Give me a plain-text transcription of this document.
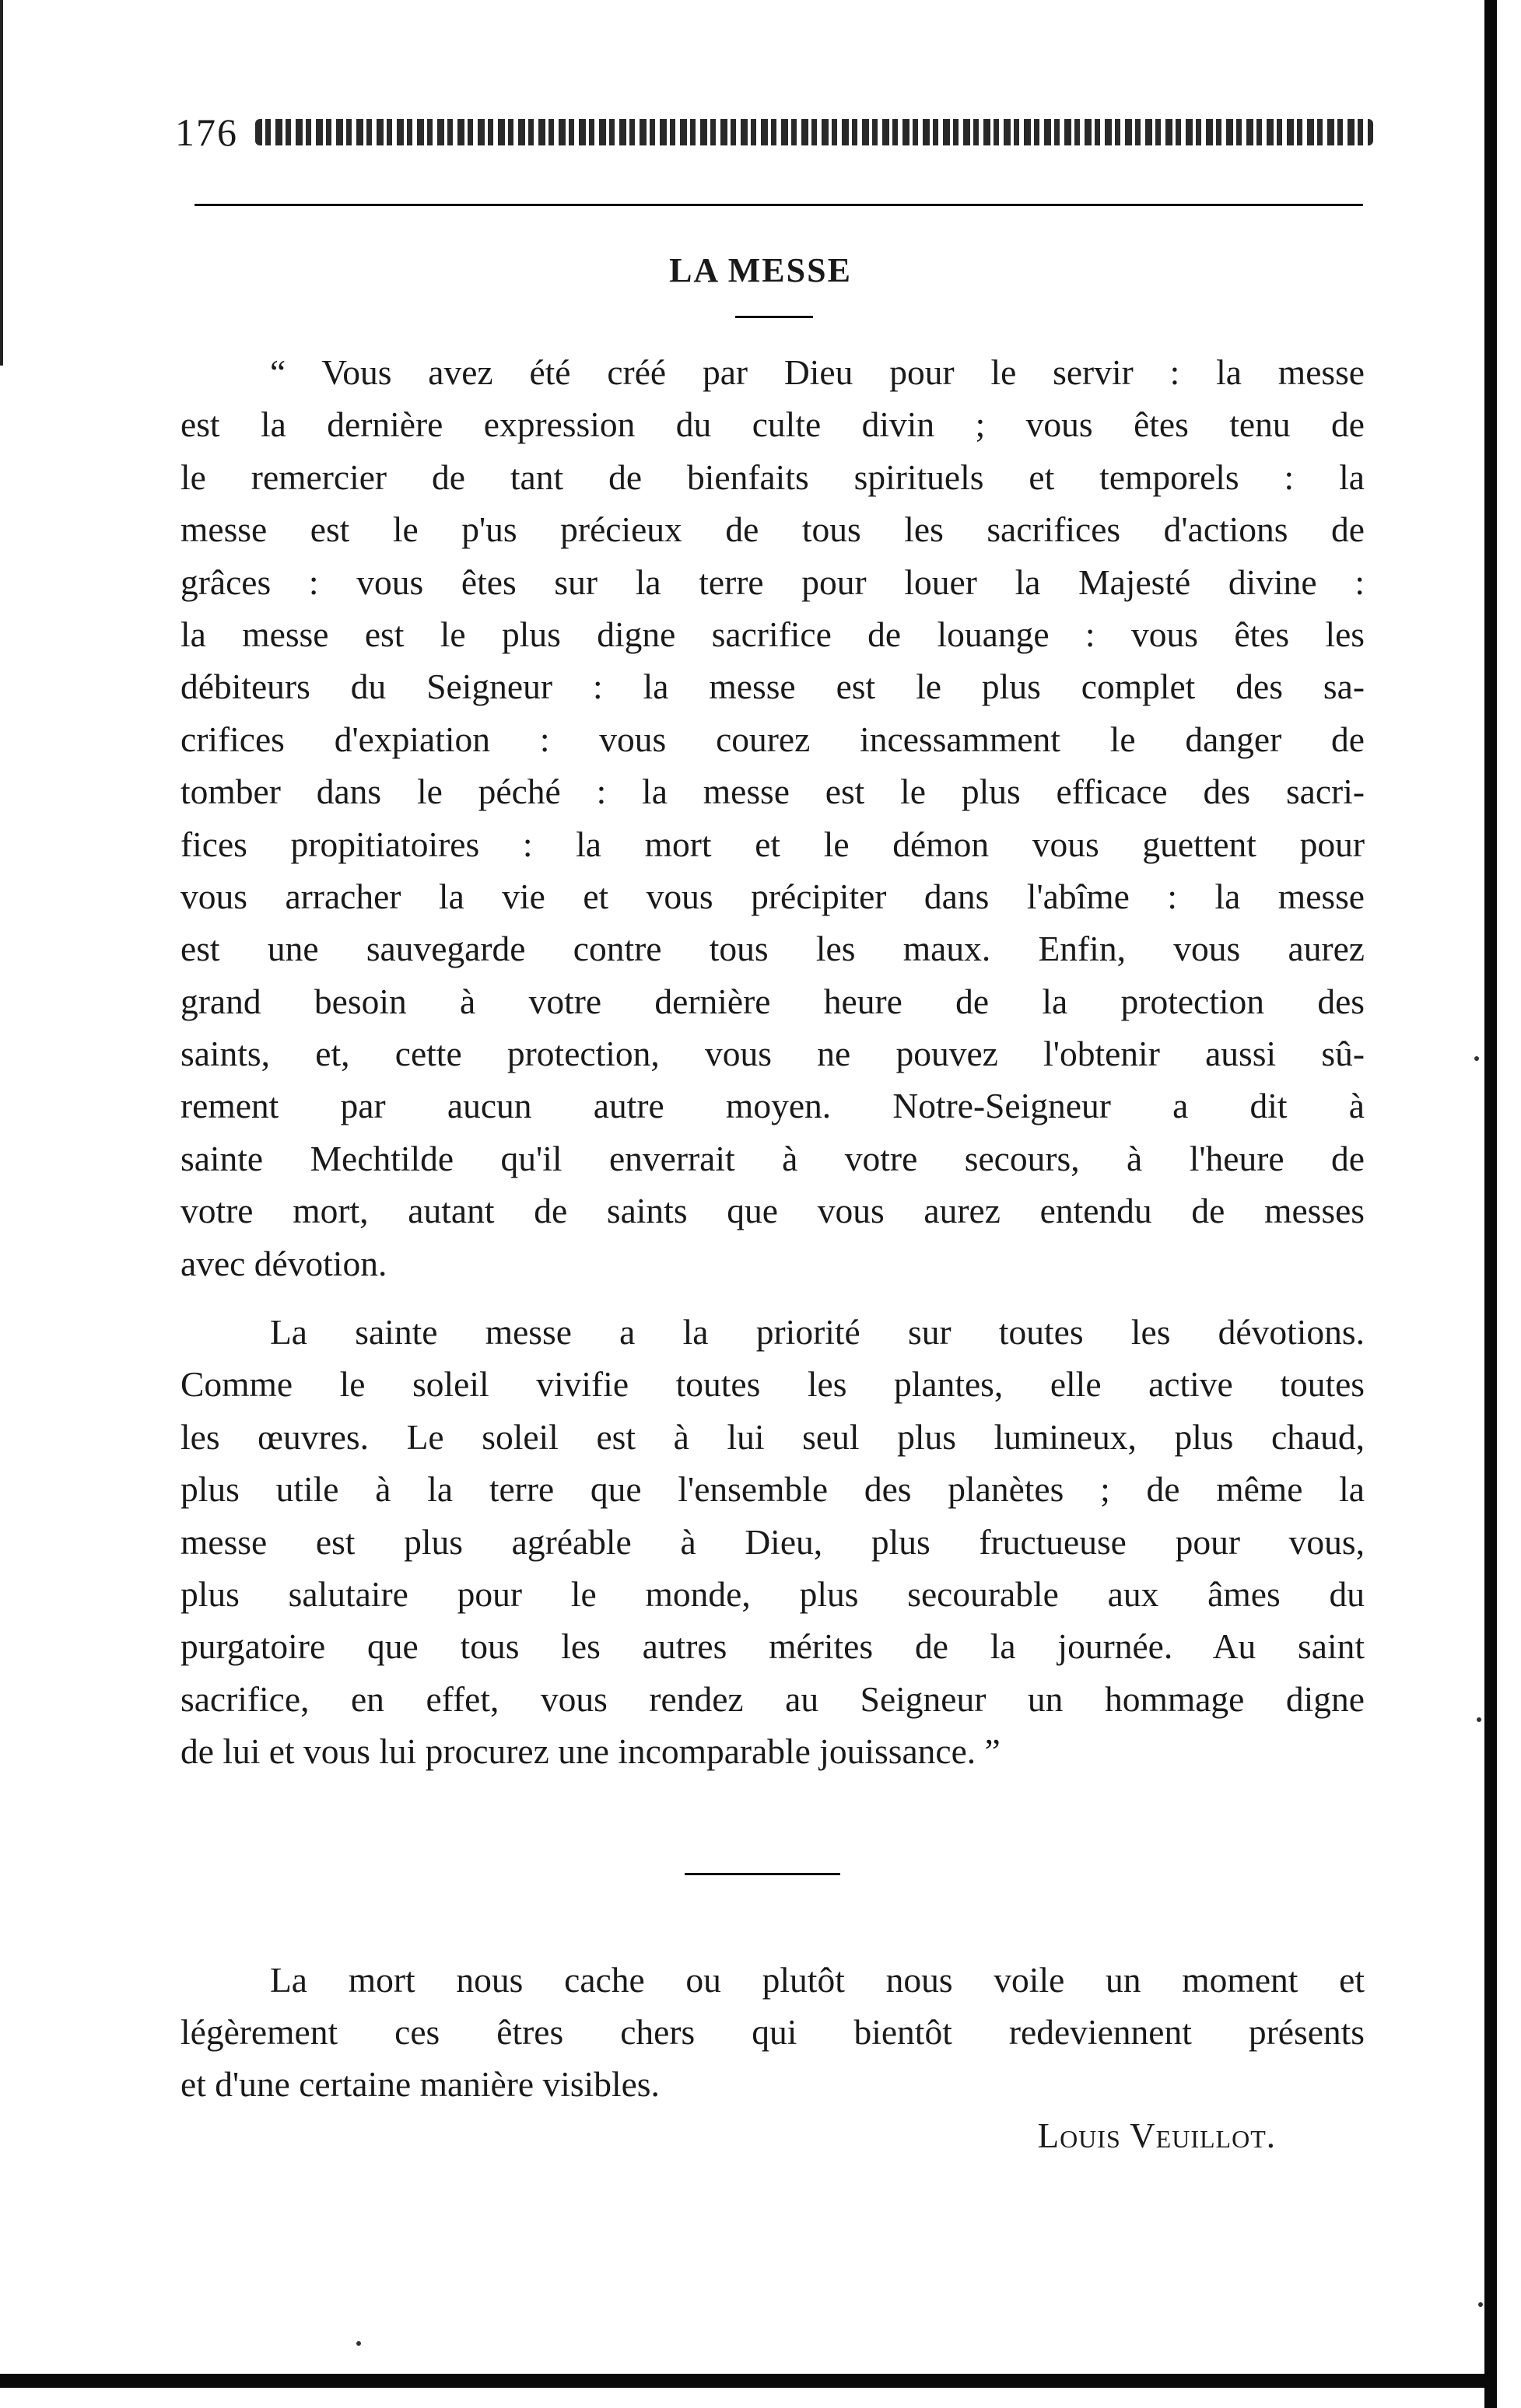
176
LA MESSE
“ Vous avez été créé par Dieu pour le servir : la messe
est la dernière expression du culte divin ; vous êtes tenu de
le remercier de tant de bienfaits spirituels et temporels : la
messe est le p'us précieux de tous les sacrifices d'actions de
grâces : vous êtes sur la terre pour louer la Majesté divine :
la messe est le plus digne sacrifice de louange : vous êtes les
débiteurs du Seigneur : la messe est le plus complet des sa-
crifices d'expiation : vous courez incessamment le danger de
tomber dans le péché : la messe est le plus efficace des sacri-
fices propitiatoires : la mort et le démon vous guettent pour
vous arracher la vie et vous précipiter dans l'abîme : la messe
est une sauvegarde contre tous les maux. Enfin, vous aurez
grand besoin à votre dernière heure de la protection des
saints, et, cette protection, vous ne pouvez l'obtenir aussi sû-
rement par aucun autre moyen. Notre-Seigneur a dit à
sainte Mechtilde qu'il enverrait à votre secours, à l'heure de
votre mort, autant de saints que vous aurez entendu de messes
avec dévotion.
La sainte messe a la priorité sur toutes les dévotions.
Comme le soleil vivifie toutes les plantes, elle active toutes
les œuvres. Le soleil est à lui seul plus lumineux, plus chaud,
plus utile à la terre que l'ensemble des planètes ; de même la
messe est plus agréable à Dieu, plus fructueuse pour vous,
plus salutaire pour le monde, plus secourable aux âmes du
purgatoire que tous les autres mérites de la journée. Au saint
sacrifice, en effet, vous rendez au Seigneur un hommage digne
de lui et vous lui procurez une incomparable jouissance. ”
La mort nous cache ou plutôt nous voile un moment et
légèrement ces êtres chers qui bientôt redeviennent présents
et d'une certaine manière visibles.
Louis Veuillot.
